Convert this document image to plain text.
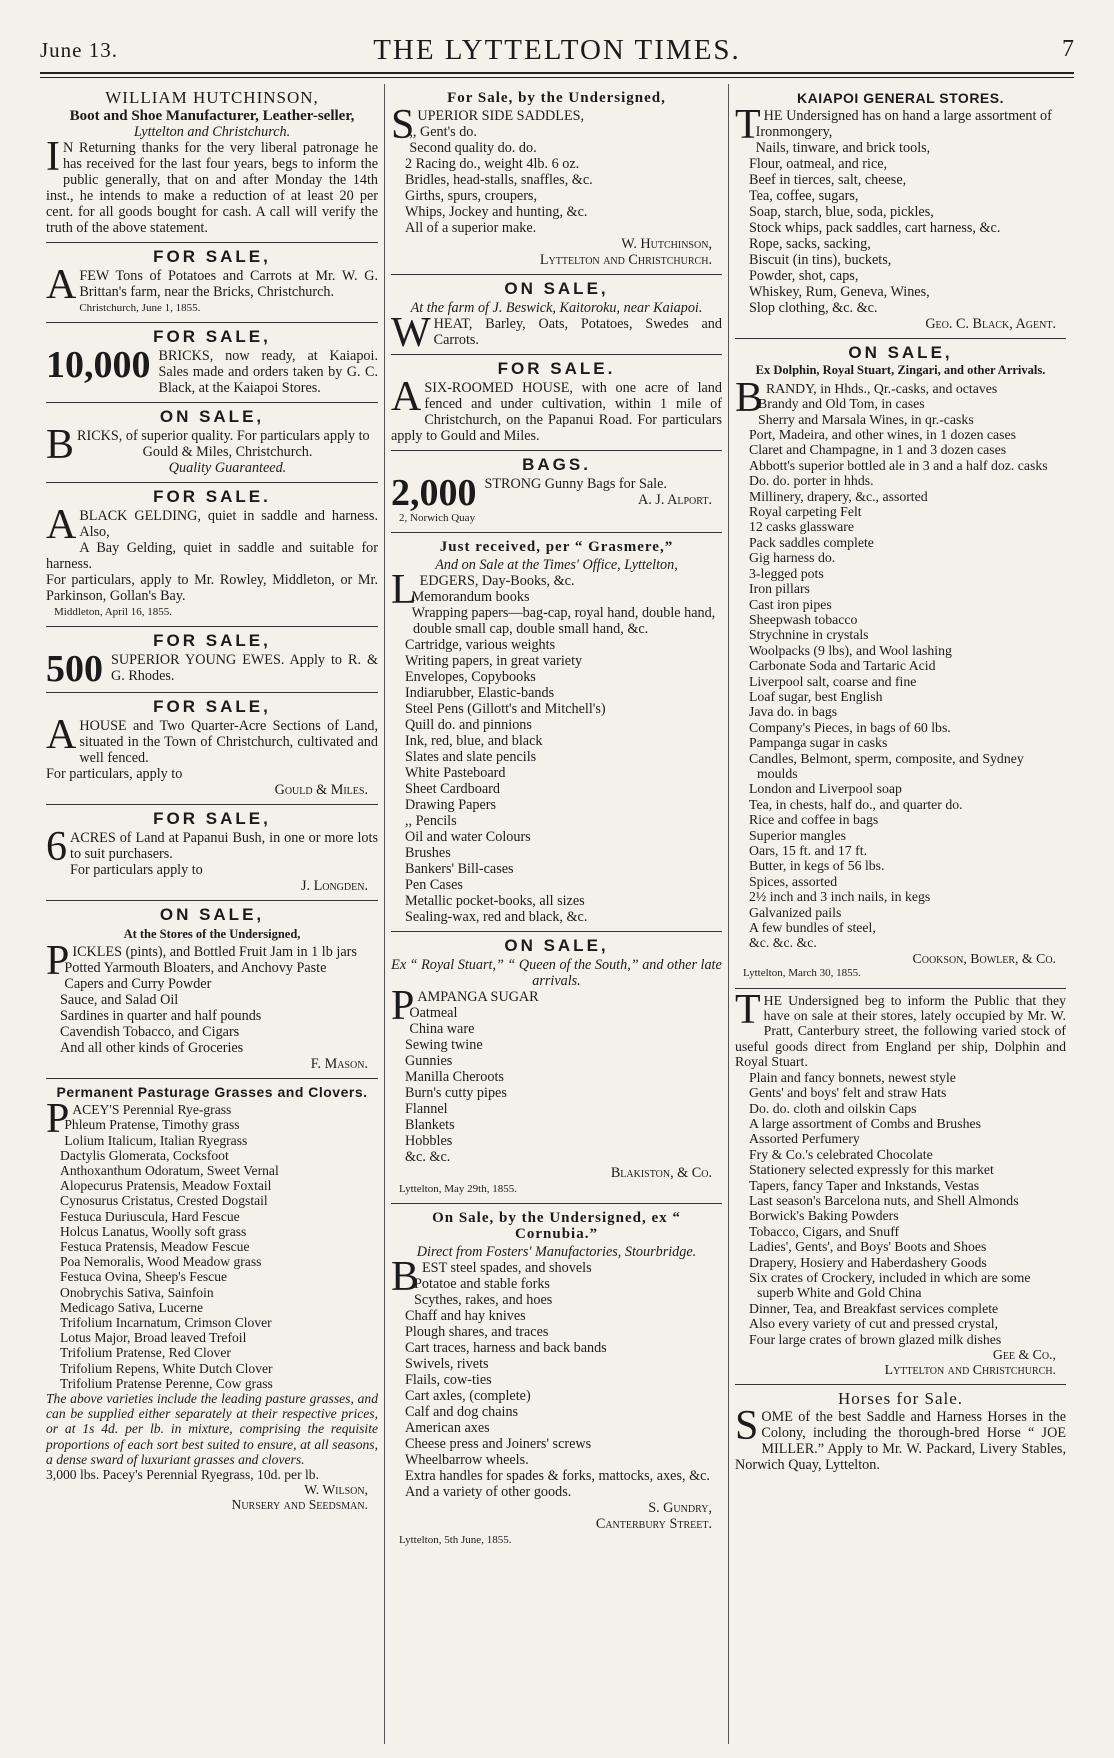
June 13.	THE LYTTELTON TIMES.	7
WILLIAM HUTCHINSON,
Boot and Shoe Manufacturer, Leather-seller,
Lyttelton and Christchurch.

IN Returning thanks for the very liberal patronage he has received for the last four years, begs to inform the public generally, that on and after Monday the 14th inst., he intends to make a reduction of at least 20 per cent. for all goods bought for cash. A call will verify the truth of the above statement.

FOR SALE,

AFEW Tons of Potatoes and Carrots at Mr. W. G. Brittan's farm, near the Bricks, Christchurch.

Christchurch, June 1, 1855.
FOR SALE,
10,000 BRICKS, now ready, at Kaiapoi. Sales made and orders taken by G. C. Black, at the Kaiapoi Stores.

ON SALE,

BRICKS, of superior quality. For particulars apply to

Gould & Miles, Christchurch.
Quality Guaranteed.
FOR SALE.

ABLACK GELDING, quiet in saddle and harness. Also,

A Bay Gelding, quiet in saddle and suitable for harness.

For particulars, apply to Mr. Rowley, Middleton, or Mr. Parkinson, Gollan's Bay.

Middleton, April 16, 1855.
FOR SALE,
500 SUPERIOR YOUNG EWES. Apply to R. & G. Rhodes.

FOR SALE,

AHOUSE and Two Quarter-Acre Sections of Land, situated in the Town of Christchurch, cultivated and well fenced.

For particulars, apply to

Gould & Miles.
FOR SALE,

6ACRES of Land at Papanui Bush, in one or more lots to suit purchasers.

For particulars apply to

J. Longden.
ON SALE,
At the Stores of the Undersigned,

PICKLES (pints), and Bottled Fruit Jam in 1 lb jars

Potted Yarmouth Bloaters, and Anchovy Paste
Capers and Curry Powder
Sauce, and Salad Oil
Sardines in quarter and half pounds
Cavendish Tobacco, and Cigars
And all other kinds of Groceries
F. Mason.
Permanent Pasturage Grasses and Clovers.

PACEY'S Perennial Rye-grass

Phleum Pratense, Timothy grass
Lolium Italicum, Italian Ryegrass
Dactylis Glomerata, Cocksfoot
Anthoxanthum Odoratum, Sweet Vernal
Alopecurus Pratensis, Meadow Foxtail
Cynosurus Cristatus, Crested Dogstail
Festuca Duriuscula, Hard Fescue
Holcus Lanatus, Woolly soft grass
Festuca Pratensis, Meadow Fescue
Poa Nemoralis, Wood Meadow grass
Festuca Ovina, Sheep's Fescue
Onobrychis Sativa, Sainfoin
Medicago Sativa, Lucerne
Trifolium Incarnatum, Crimson Clover
Lotus Major, Broad leaved Trefoil
Trifolium Pratense, Red Clover
Trifolium Repens, White Dutch Clover
Trifolium Pratense Perenne, Cow grass

The above varieties include the leading pasture grasses, and can be supplied either separately at their respective prices, or at 1s 4d. per lb. in mixture, comprising the requisite proportions of each sort best suited to ensure, at all seasons, a dense sward of luxuriant grasses and clovers.

3,000 lbs. Pacey's Perennial Ryegrass, 10d. per lb.

W. Wilson,
Nursery and Seedsman.
For Sale, by the Undersigned,

SUPERIOR SIDE SADDLES,

,, Gent's do.
Second quality do. do.
2 Racing do., weight 4lb. 6 oz.
Bridles, head-stalls, snaffles, &c.
Girths, spurs, croupers,
Whips, Jockey and hunting, &c.
All of a superior make.
W. Hutchinson,
Lyttelton and Christchurch.
ON SALE,
At the farm of J. Beswick, Kaitoroku, near Kaiapoi.

WHEAT, Barley, Oats, Potatoes, Swedes and Carrots.

FOR SALE.

ASIX-ROOMED HOUSE, with one acre of land fenced and under cultivation, within 1 mile of Christchurch, on the Papanui Road. For particulars apply to Gould and Miles.

BAGS.
2,000 STRONG Gunny Bags for Sale.

A. J. Alport.
2, Norwich Quay
Just received, per “ Grasmere,”
And on Sale at the Times' Office, Lyttelton,

LEDGERS, Day-Books, &c.

Memorandum books
Wrapping papers—bag-cap, royal hand, double hand, double small cap, double small hand, &c.
Cartridge, various weights
Writing papers, in great variety
Envelopes, Copybooks
Indiarubber, Elastic-bands
Steel Pens (Gillott's and Mitchell's)
Quill do. and pinnions
Ink, red, blue, and black
Slates and slate pencils
White Pasteboard
Sheet Cardboard
Drawing Papers
,, Pencils
Oil and water Colours
Brushes
Bankers' Bill-cases
Pen Cases
Metallic pocket-books, all sizes
Sealing-wax, red and black, &c.
ON SALE,
Ex “ Royal Stuart,” “ Queen of the South,” and other late arrivals.

PAMPANGA SUGAR

Oatmeal
China ware
Sewing twine
Gunnies
Manilla Cheroots
Burn's cutty pipes
Flannel
Blankets
Hobbles
&c. &c.
Blakiston, & Co.
Lyttelton, May 29th, 1855.
On Sale, by the Undersigned, ex “ Cornubia.”
Direct from Fosters' Manufactories, Stourbridge.

BEST steel spades, and shovels

Potatoe and stable forks
Scythes, rakes, and hoes
Chaff and hay knives
Plough shares, and traces
Cart traces, harness and back bands
Swivels, rivets
Flails, cow-ties
Cart axles, (complete)
Calf and dog chains
American axes
Cheese press and Joiners' screws
Wheelbarrow wheels.
Extra handles for spades & forks, mattocks, axes, &c.
And a variety of other goods.
S. Gundry,
Canterbury Street.
Lyttelton, 5th June, 1855.
KAIAPOI GENERAL STORES.

THE Undersigned has on hand a large assortment of

Ironmongery,
Nails, tinware, and brick tools,
Flour, oatmeal, and rice,
Beef in tierces, salt, cheese,
Tea, coffee, sugars,
Soap, starch, blue, soda, pickles,
Stock whips, pack saddles, cart harness, &c.
Rope, sacks, sacking,
Biscuit (in tins), buckets,
Powder, shot, caps,
Whiskey, Rum, Geneva, Wines,
Slop clothing, &c. &c.
Geo. C. Black, Agent.
ON SALE,
Ex Dolphin, Royal Stuart, Zingari, and other Arrivals.

BRANDY, in Hhds., Qr.-casks, and octaves

Brandy and Old Tom, in cases
Sherry and Marsala Wines, in qr.-casks
Port, Madeira, and other wines, in 1 dozen cases
Claret and Champagne, in 1 and 3 dozen cases
Abbott's superior bottled ale in 3 and a half doz. casks
Do. do. porter in hhds.
Millinery, drapery, &c., assorted
Royal carpeting Felt
12 casks glassware
Pack saddles complete
Gig harness do.
3-legged pots
Iron pillars
Cast iron pipes
Sheepwash tobacco
Strychnine in crystals
Woolpacks (9 lbs), and Wool lashing
Carbonate Soda and Tartaric Acid
Liverpool salt, coarse and fine
Loaf sugar, best English
Java do. in bags
Company's Pieces, in bags of 60 lbs.
Pampanga sugar in casks
Candles, Belmont, sperm, composite, and Sydney moulds
London and Liverpool soap
Tea, in chests, half do., and quarter do.
Rice and coffee in bags
Superior mangles
Oars, 15 ft. and 17 ft.
Butter, in kegs of 56 lbs.
Spices, assorted
2½ inch and 3 inch nails, in kegs
Galvanized pails
A few bundles of steel,
&c. &c. &c.
Cookson, Bowler, & Co.
Lyttelton, March 30, 1855.

THE Undersigned beg to inform the Public that they have on sale at their stores, lately occupied by Mr. W. Pratt, Canterbury street, the following varied stock of useful goods direct from England per ship, Dolphin and Royal Stuart.

Plain and fancy bonnets, newest style
Gents' and boys' felt and straw Hats
Do. do. cloth and oilskin Caps
A large assortment of Combs and Brushes
Assorted Perfumery
Fry & Co.'s celebrated Chocolate
Stationery selected expressly for this market
Tapers, fancy Taper and Inkstands, Vestas
Last season's Barcelona nuts, and Shell Almonds
Borwick's Baking Powders
Tobacco, Cigars, and Snuff
Ladies', Gents', and Boys' Boots and Shoes
Drapery, Hosiery and Haberdashery Goods
Six crates of Crockery, included in which are some superb White and Gold China
Dinner, Tea, and Breakfast services complete
Also every variety of cut and pressed crystal,
Four large crates of brown glazed milk dishes
Gee & Co.,
Lyttelton and Christchurch.
Horses for Sale.

SOME of the best Saddle and Harness Horses in the Colony, including the thorough-bred Horse “ JOE MILLER.” Apply to Mr. W. Packard, Livery Stables, Norwich Quay, Lyttelton.
